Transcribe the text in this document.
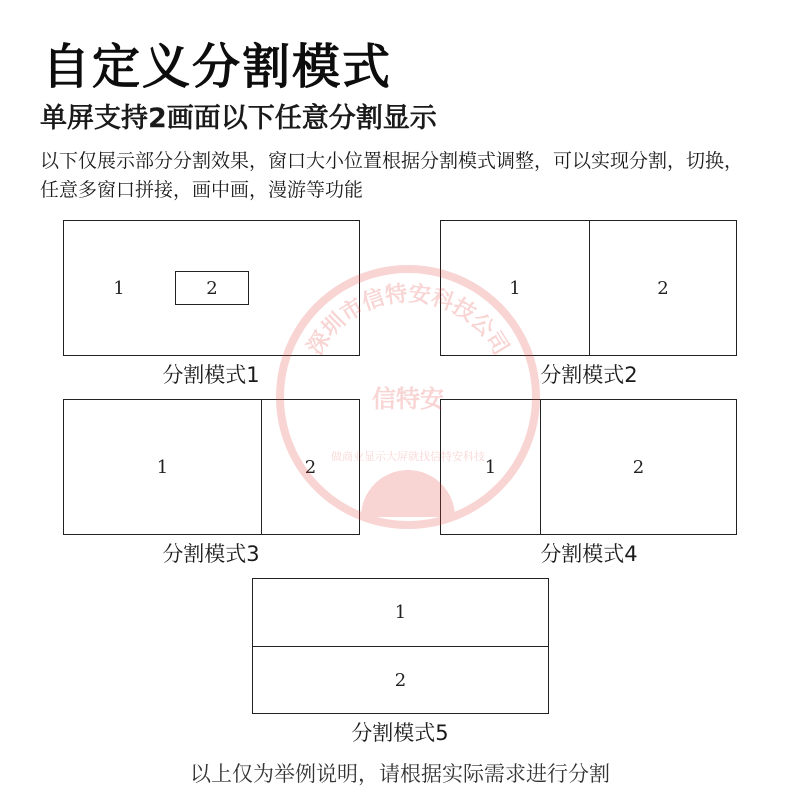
自定义分割模式
单屏支持2画面以下任意分割显示
以下仅展示部分分割效果，窗口大小位置根据分割模式调整，可以实现分割，切换，任意多窗口拼接，画中画，漫游等功能
1	2
分割模式1
1	2
分割模式2
1	2
分割模式3
1	2
分割模式4
1
2
分割模式5
以上仅为举例说明，请根据实际需求进行分割
深圳市信特安科技公司
信特安
做商业显示大屏就找信特安科技
